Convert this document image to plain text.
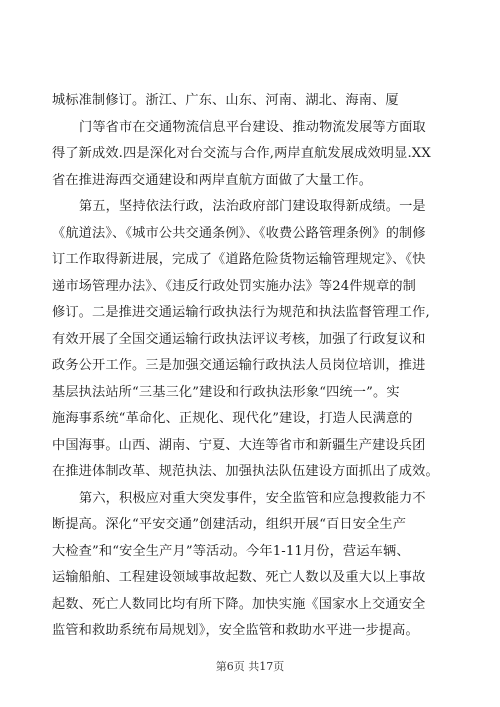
城标准制修订。浙江、广东、山东、河南、湖北、海南、厦

门等省市在交通物流信息平台建设、推动物流发展等方面取
得了新成效.四是深化对台交流与合作,两岸直航发展成效明显.XX
省在推进海西交通建设和两岸直航方面做了大量工作。

第五，坚持依法行政，法治政府部门建设取得新成绩。一是
《航道法》、《城市公共交通条例》、《收费公路管理条例》的制修
订工作取得新进展，完成了《道路危险货物运输管理规定》、《快
递市场管理办法》、《违反行政处罚实施办法》等24件规章的制
修订。二是推进交通运输行政执法行为规范和执法监督管理工作,
有效开展了全国交通运输行政执法评议考核，加强了行政复议和
政务公开工作。三是加强交通运输行政执法人员岗位培训，推进
基层执法站所“三基三化”建设和行政执法形象“四统一”。实
施海事系统“革命化、正规化、现代化”建设，打造人民满意的
中国海事。山西、湖南、宁夏、大连等省市和新疆生产建设兵团
在推进体制改革、规范执法、加强执法队伍建设方面抓出了成效。

第六，积极应对重大突发事件，安全监管和应急搜救能力不
断提高。深化“平安交通”创建活动，组织开展“百日安全生产
大检查”和“安全生产月”等活动。今年1-11月份，营运车辆、
运输船舶、工程建设领域事故起数、死亡人数以及重大以上事故
起数、死亡人数同比均有所下降。加快实施《国家水上交通安全
监管和救助系统布局规划》，安全监管和救助水平进一步提高。

第6页 共17页
